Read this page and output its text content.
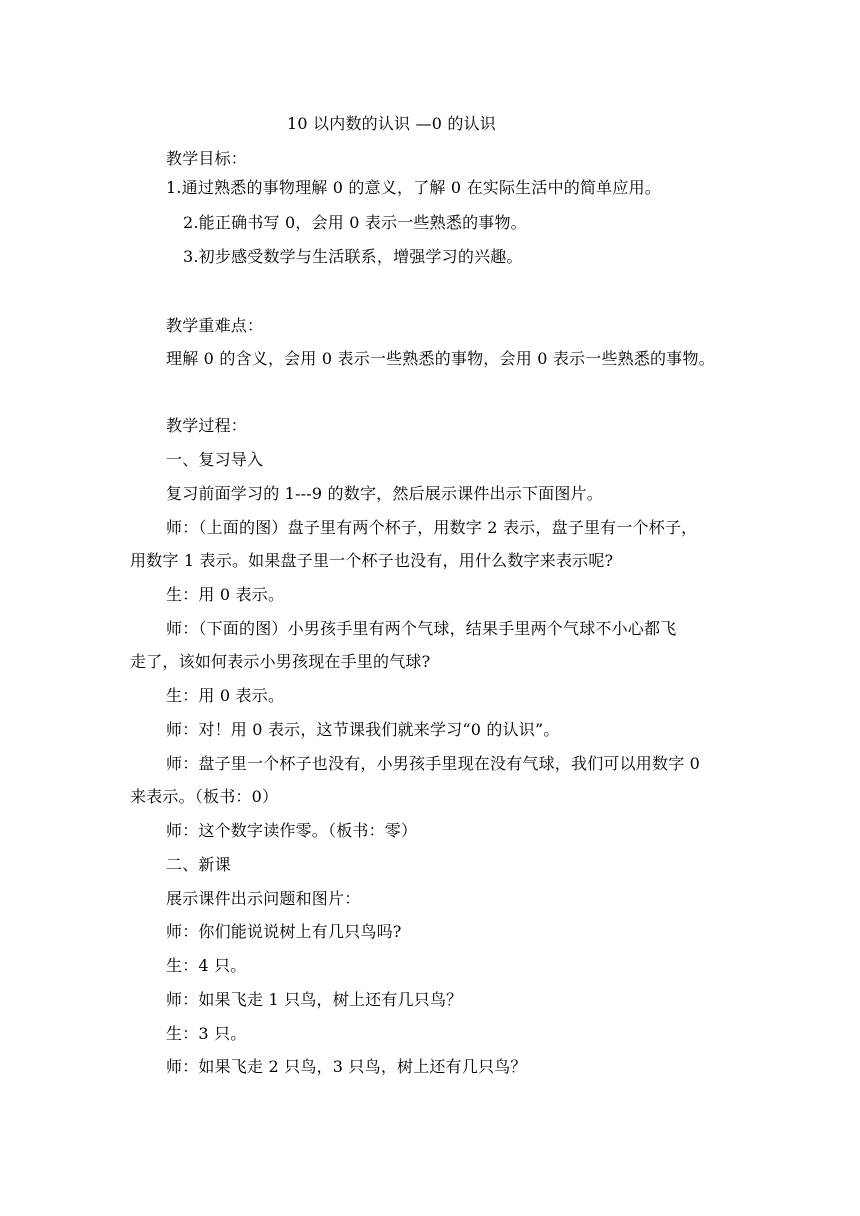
10 以内数的认识 —0 的认识
教学目标：
1.通过熟悉的事物理解 0 的意义，了解 0 在实际生活中的简单应用。
2.能正确书写 0，会用 0 表示一些熟悉的事物。
3.初步感受数学与生活联系，增强学习的兴趣。
教学重难点：
理解 0 的含义，会用 0 表示一些熟悉的事物，会用 0 表示一些熟悉的事物。
教学过程：
一、复习导入
复习前面学习的 1---9 的数字，然后展示课件出示下面图片。
师：（上面的图）盘子里有两个杯子，用数字 2 表示，盘子里有一个杯子，
用数字 1 表示。如果盘子里一个杯子也没有，用什么数字来表示呢?
生：用 0 表示。
师：（下面的图）小男孩手里有两个气球，结果手里两个气球不小心都飞
走了，该如何表示小男孩现在手里的气球?
生：用 0 表示。
师：对！用 0 表示，这节课我们就来学习“0 的认识”。
师：盘子里一个杯子也没有，小男孩手里现在没有气球，我们可以用数字 0
来表示。（板书：0）
师：这个数字读作零。（板书：零）
二、新课
展示课件出示问题和图片：
师：你们能说说树上有几只鸟吗?
生：4 只。
师：如果飞走 1 只鸟，树上还有几只鸟？
生：3 只。
师：如果飞走 2 只鸟，3 只鸟，树上还有几只鸟？
